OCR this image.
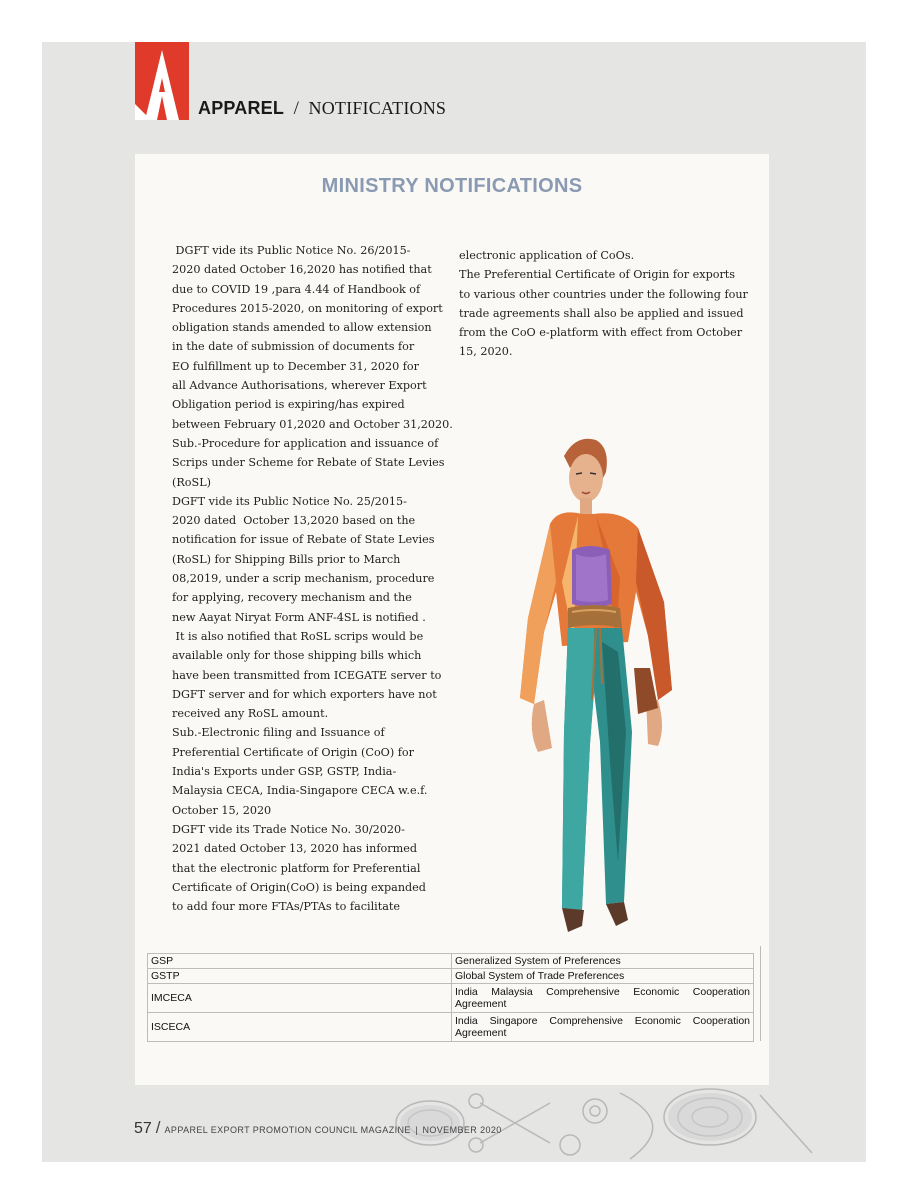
APPAREL / NOTIFICATIONS
MINISTRY NOTIFICATIONS

DGFT vide its Public Notice No. 26/2015-
2020 dated October 16,2020 has notified that
due to COVID 19 ,para 4.44 of Handbook of
Procedures 2015-2020, on monitoring of export
obligation stands amended to allow extension
in the date of submission of documents for
EO fulfillment up to December 31, 2020 for
all Advance Authorisations, wherever Export
Obligation period is expiring/has expired
between February 01,2020 and October 31,2020.
Sub.-Procedure for application and issuance of
Scrips under Scheme for Rebate of State Levies
(RoSL)
DGFT vide its Public Notice No. 25/2015-
2020 dated  October 13,2020 based on the
notification for issue of Rebate of State Levies
(RoSL) for Shipping Bills prior to March
08,2019, under a scrip mechanism, procedure
for applying, recovery mechanism and the
new Aayat Niryat Form ANF-4SL is notified .
It is also notified that RoSL scrips would be
available only for those shipping bills which
have been transmitted from ICEGATE server to
DGFT server and for which exporters have not
received any RoSL amount.
Sub.-Electronic filing and Issuance of
Preferential Certificate of Origin (CoO) for
India's Exports under GSP, GSTP, India-
Malaysia CECA, India-Singapore CECA w.e.f.
October 15, 2020
DGFT vide its Trade Notice No. 30/2020-
2021 dated October 13, 2020 has informed
that the electronic platform for Preferential
Certificate of Origin(CoO) is being expanded
to add four more FTAs/PTAs to facilitate

electronic application of CoOs.
The Preferential Certificate of Origin for exports
to various other countries under the following four
trade agreements shall also be applied and issued
from the CoO e-platform with effect from October
15, 2020.

GSP	Generalized System of Preferences
GSTP	Global System of Trade Preferences
IMCECA	India Malaysia Comprehensive Economic Cooperation Agreement
ISCECA	India Singapore Comprehensive Economic Cooperation Agreement
57 / APPAREL EXPORT PROMOTION COUNCIL MAGAZINE | NOVEMBER 2020
